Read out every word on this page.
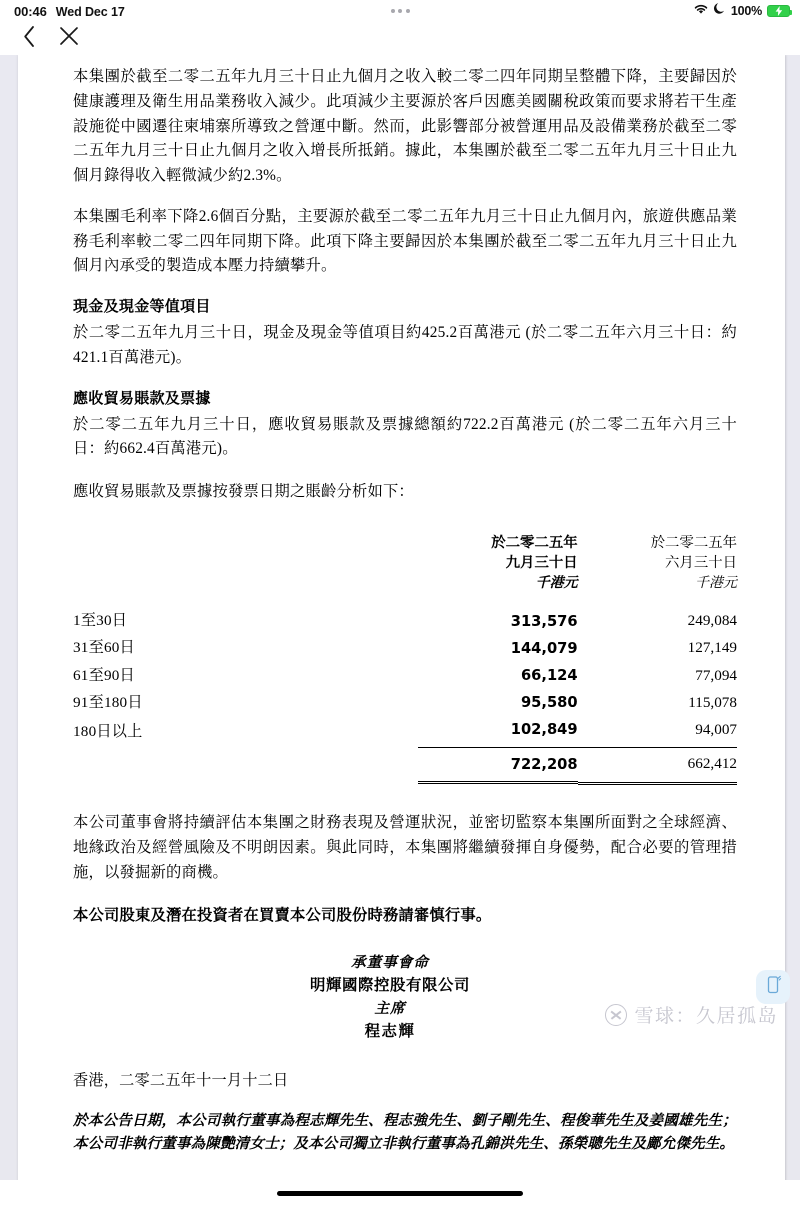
00:46 Wed Dec 17	100%

本集團於截至二零二五年九月三十日止九個月之收入較二零二四年同期呈整體下降，主要歸因於健康護理及衛生用品業務收入減少。此項減少主要源於客戶因應美國關稅政策而要求將若干生產設施從中國遷往柬埔寨所導致之營運中斷。然而，此影響部分被營運用品及設備業務於截至二零二五年九月三十日止九個月之收入增長所抵銷。據此，本集團於截至二零二五年九月三十日止九個月錄得收入輕微減少約2.3%。

本集團毛利率下降2.6個百分點，主要源於截至二零二五年九月三十日止九個月內，旅遊供應品業務毛利率較二零二四年同期下降。此項下降主要歸因於本集團於截至二零二五年九月三十日止九個月內承受的製造成本壓力持續攀升。

現金及現金等值項目

於二零二五年九月三十日，現金及現金等值項目約425.2百萬港元 (於二零二五年六月三十日：約421.1百萬港元)。

應收貿易賬款及票據

於二零二五年九月三十日，應收貿易賬款及票據總額約722.2百萬港元 (於二零二五年六月三十日：約662.4百萬港元)。

應收貿易賬款及票據按發票日期之賬齡分析如下：

於二零二五年
九月三十日
千港元

於二零二五年
六月三十日
千港元

1至30日	313,576	249,084
31至60日	144,079	127,149
61至90日	66,124	77,094
91至180日	95,580	115,078
180日以上	102,849	94,007

	722,208	662,412

本公司董事會將持續評估本集團之財務表現及營運狀況，並密切監察本集團所面對之全球經濟、地緣政治及經營風險及不明朗因素。與此同時，本集團將繼續發揮自身優勢，配合必要的管理措施，以發掘新的商機。

本公司股東及潛在投資者在買賣本公司股份時務請審慎行事。

承董事會命
明輝國際控股有限公司
主席
程志輝

香港，二零二五年十一月十二日

於本公告日期，本公司執行董事為程志輝先生、程志強先生、劉子剛先生、程俊華先生及姜國雄先生；本公司非執行董事為陳艷清女士；及本公司獨立非執行董事為孔錦洪先生、孫榮聰先生及鄺允傑先生。

雪球：久居孤岛
